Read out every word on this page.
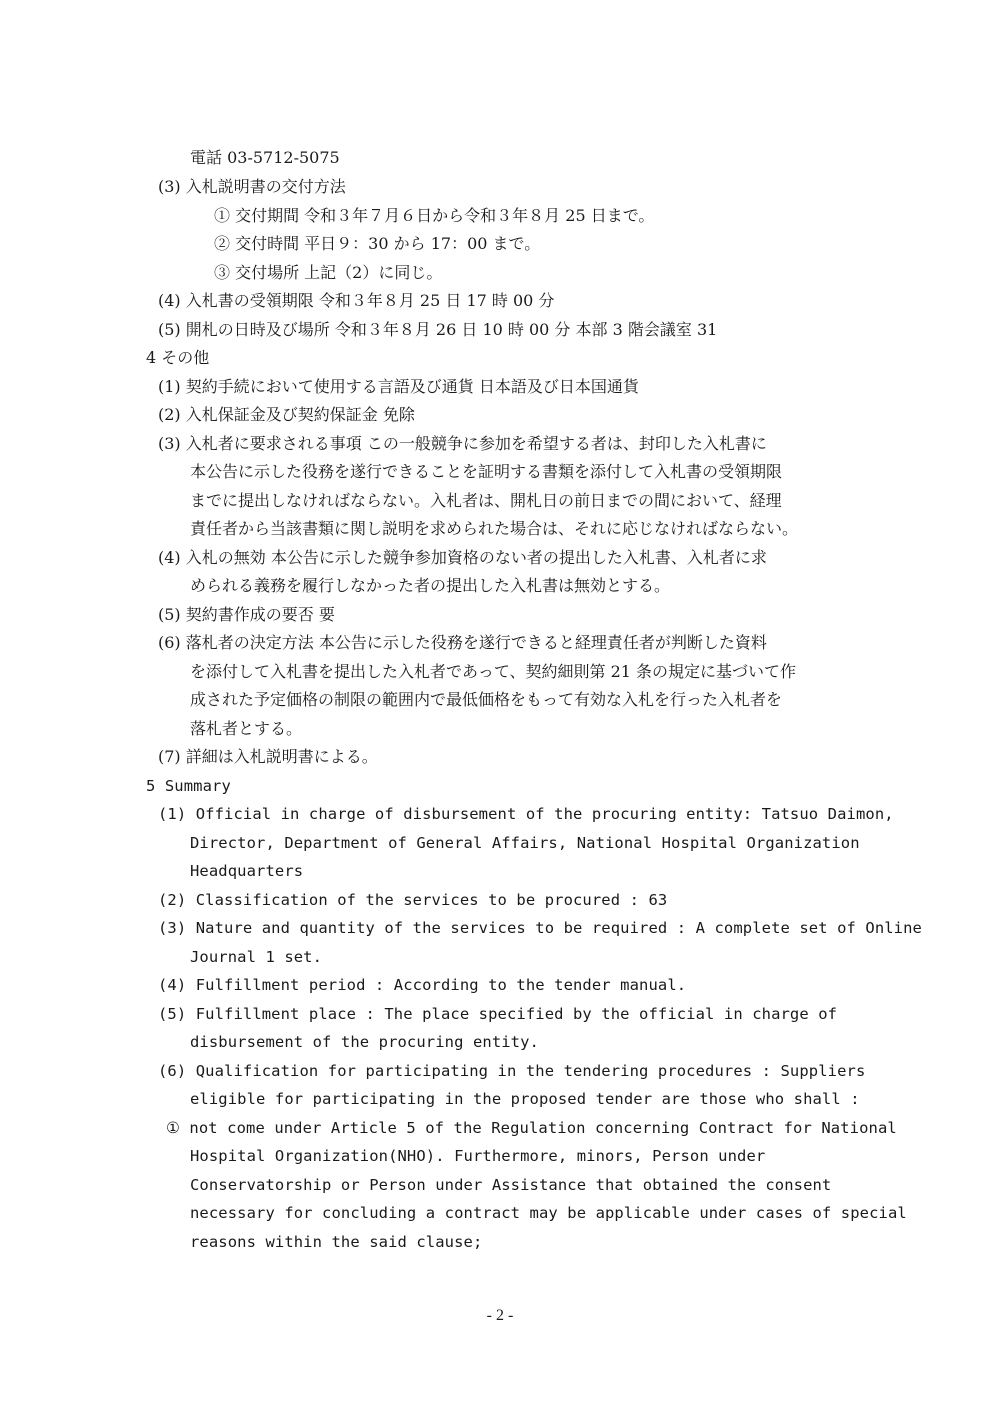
電話 03-5712-5075
(3) 入札説明書の交付方法
① 交付期間 令和３年７月６日から令和３年８月 25 日まで。
② 交付時間 平日９：30 から 17：00 まで。
③ 交付場所 上記（2）に同じ。
(4) 入札書の受領期限 令和３年８月 25 日 17 時 00 分
(5) 開札の日時及び場所 令和３年８月 26 日 10 時 00 分 本部 3 階会議室 31
4 その他
(1) 契約手続において使用する言語及び通貨 日本語及び日本国通貨
(2) 入札保証金及び契約保証金 免除
(3) 入札者に要求される事項 この一般競争に参加を希望する者は、封印した入札書に
本公告に示した役務を遂行できることを証明する書類を添付して入札書の受領期限
までに提出しなければならない。入札者は、開札日の前日までの間において、経理
責任者から当該書類に関し説明を求められた場合は、それに応じなければならない。
(4) 入札の無効 本公告に示した競争参加資格のない者の提出した入札書、入札者に求
められる義務を履行しなかった者の提出した入札書は無効とする。
(5) 契約書作成の要否 要
(6) 落札者の決定方法 本公告に示した役務を遂行できると経理責任者が判断した資料
を添付して入札書を提出した入札者であって、契約細則第 21 条の規定に基づいて作
成された予定価格の制限の範囲内で最低価格をもって有効な入札を行った入札者を
落札者とする。
(7) 詳細は入札説明書による。
5 Summary
(1) Official in charge of disbursement of the procuring entity: Tatsuo Daimon,
Director, Department of General Affairs, National Hospital Organization
Headquarters
(2) Classification of the services to be procured : 63
(3) Nature and quantity of the services to be required : A complete set of Online
Journal 1 set.
(4) Fulfillment period : According to the tender manual.
(5) Fulfillment place : The place specified by the official in charge of
disbursement of the procuring entity.
(6) Qualification for participating in the tendering procedures : Suppliers
eligible for participating in the proposed tender are those who shall :
① not come under Article 5 of the Regulation concerning Contract for National
Hospital Organization(NHO). Furthermore, minors, Person under
Conservatorship or Person under Assistance that obtained the consent
necessary for concluding a contract may be applicable under cases of special
reasons within the said clause;
- 2 -
